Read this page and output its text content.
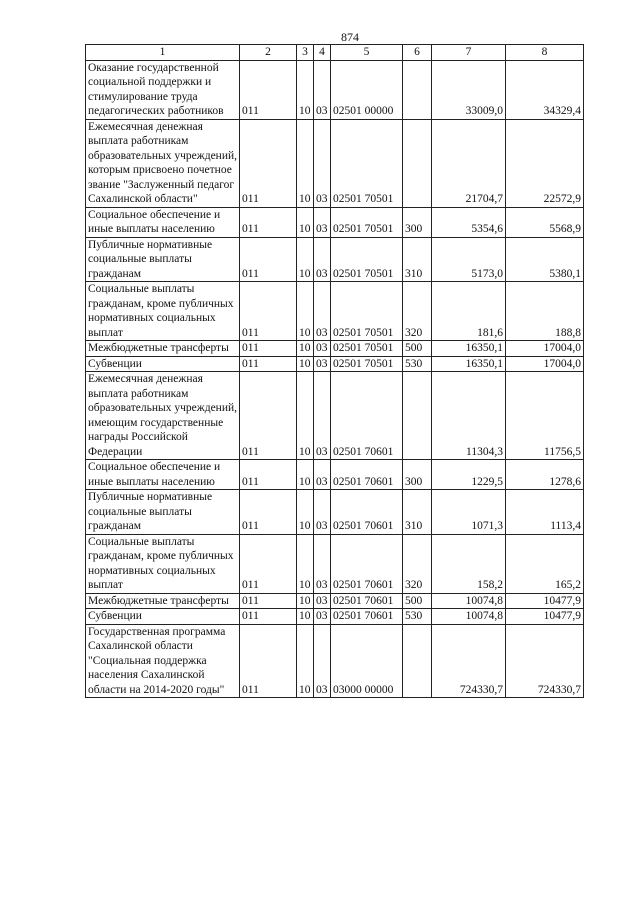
874
1	2	3	4	5	6	7	8
Оказание государственной социальной поддержки и стимулирование труда педагогических работников	011	10	03	02501 00000		33009,0	34329,4
Ежемесячная денежная выплата работникам образовательных учреждений, которым присвоено почетное звание "Заслуженный педагог Сахалинской области"	011	10	03	02501 70501		21704,7	22572,9
Социальное обеспечение и иные выплаты населению	011	10	03	02501 70501	300	5354,6	5568,9
Публичные нормативные социальные выплаты гражданам	011	10	03	02501 70501	310	5173,0	5380,1
Социальные выплаты гражданам, кроме публичных нормативных социальных выплат	011	10	03	02501 70501	320	181,6	188,8
Межбюджетные трансферты	011	10	03	02501 70501	500	16350,1	17004,0
Субвенции	011	10	03	02501 70501	530	16350,1	17004,0
Ежемесячная денежная выплата работникам образовательных учреждений, имеющим государственные награды Российской Федерации	011	10	03	02501 70601		11304,3	11756,5
Социальное обеспечение и иные выплаты населению	011	10	03	02501 70601	300	1229,5	1278,6
Публичные нормативные социальные выплаты гражданам	011	10	03	02501 70601	310	1071,3	1113,4
Социальные выплаты гражданам, кроме публичных нормативных социальных выплат	011	10	03	02501 70601	320	158,2	165,2
Межбюджетные трансферты	011	10	03	02501 70601	500	10074,8	10477,9
Субвенции	011	10	03	02501 70601	530	10074,8	10477,9
Государственная программа Сахалинской области "Социальная поддержка населения Сахалинской области на 2014-2020 годы"	011	10	03	03000 00000		724330,7	724330,7
